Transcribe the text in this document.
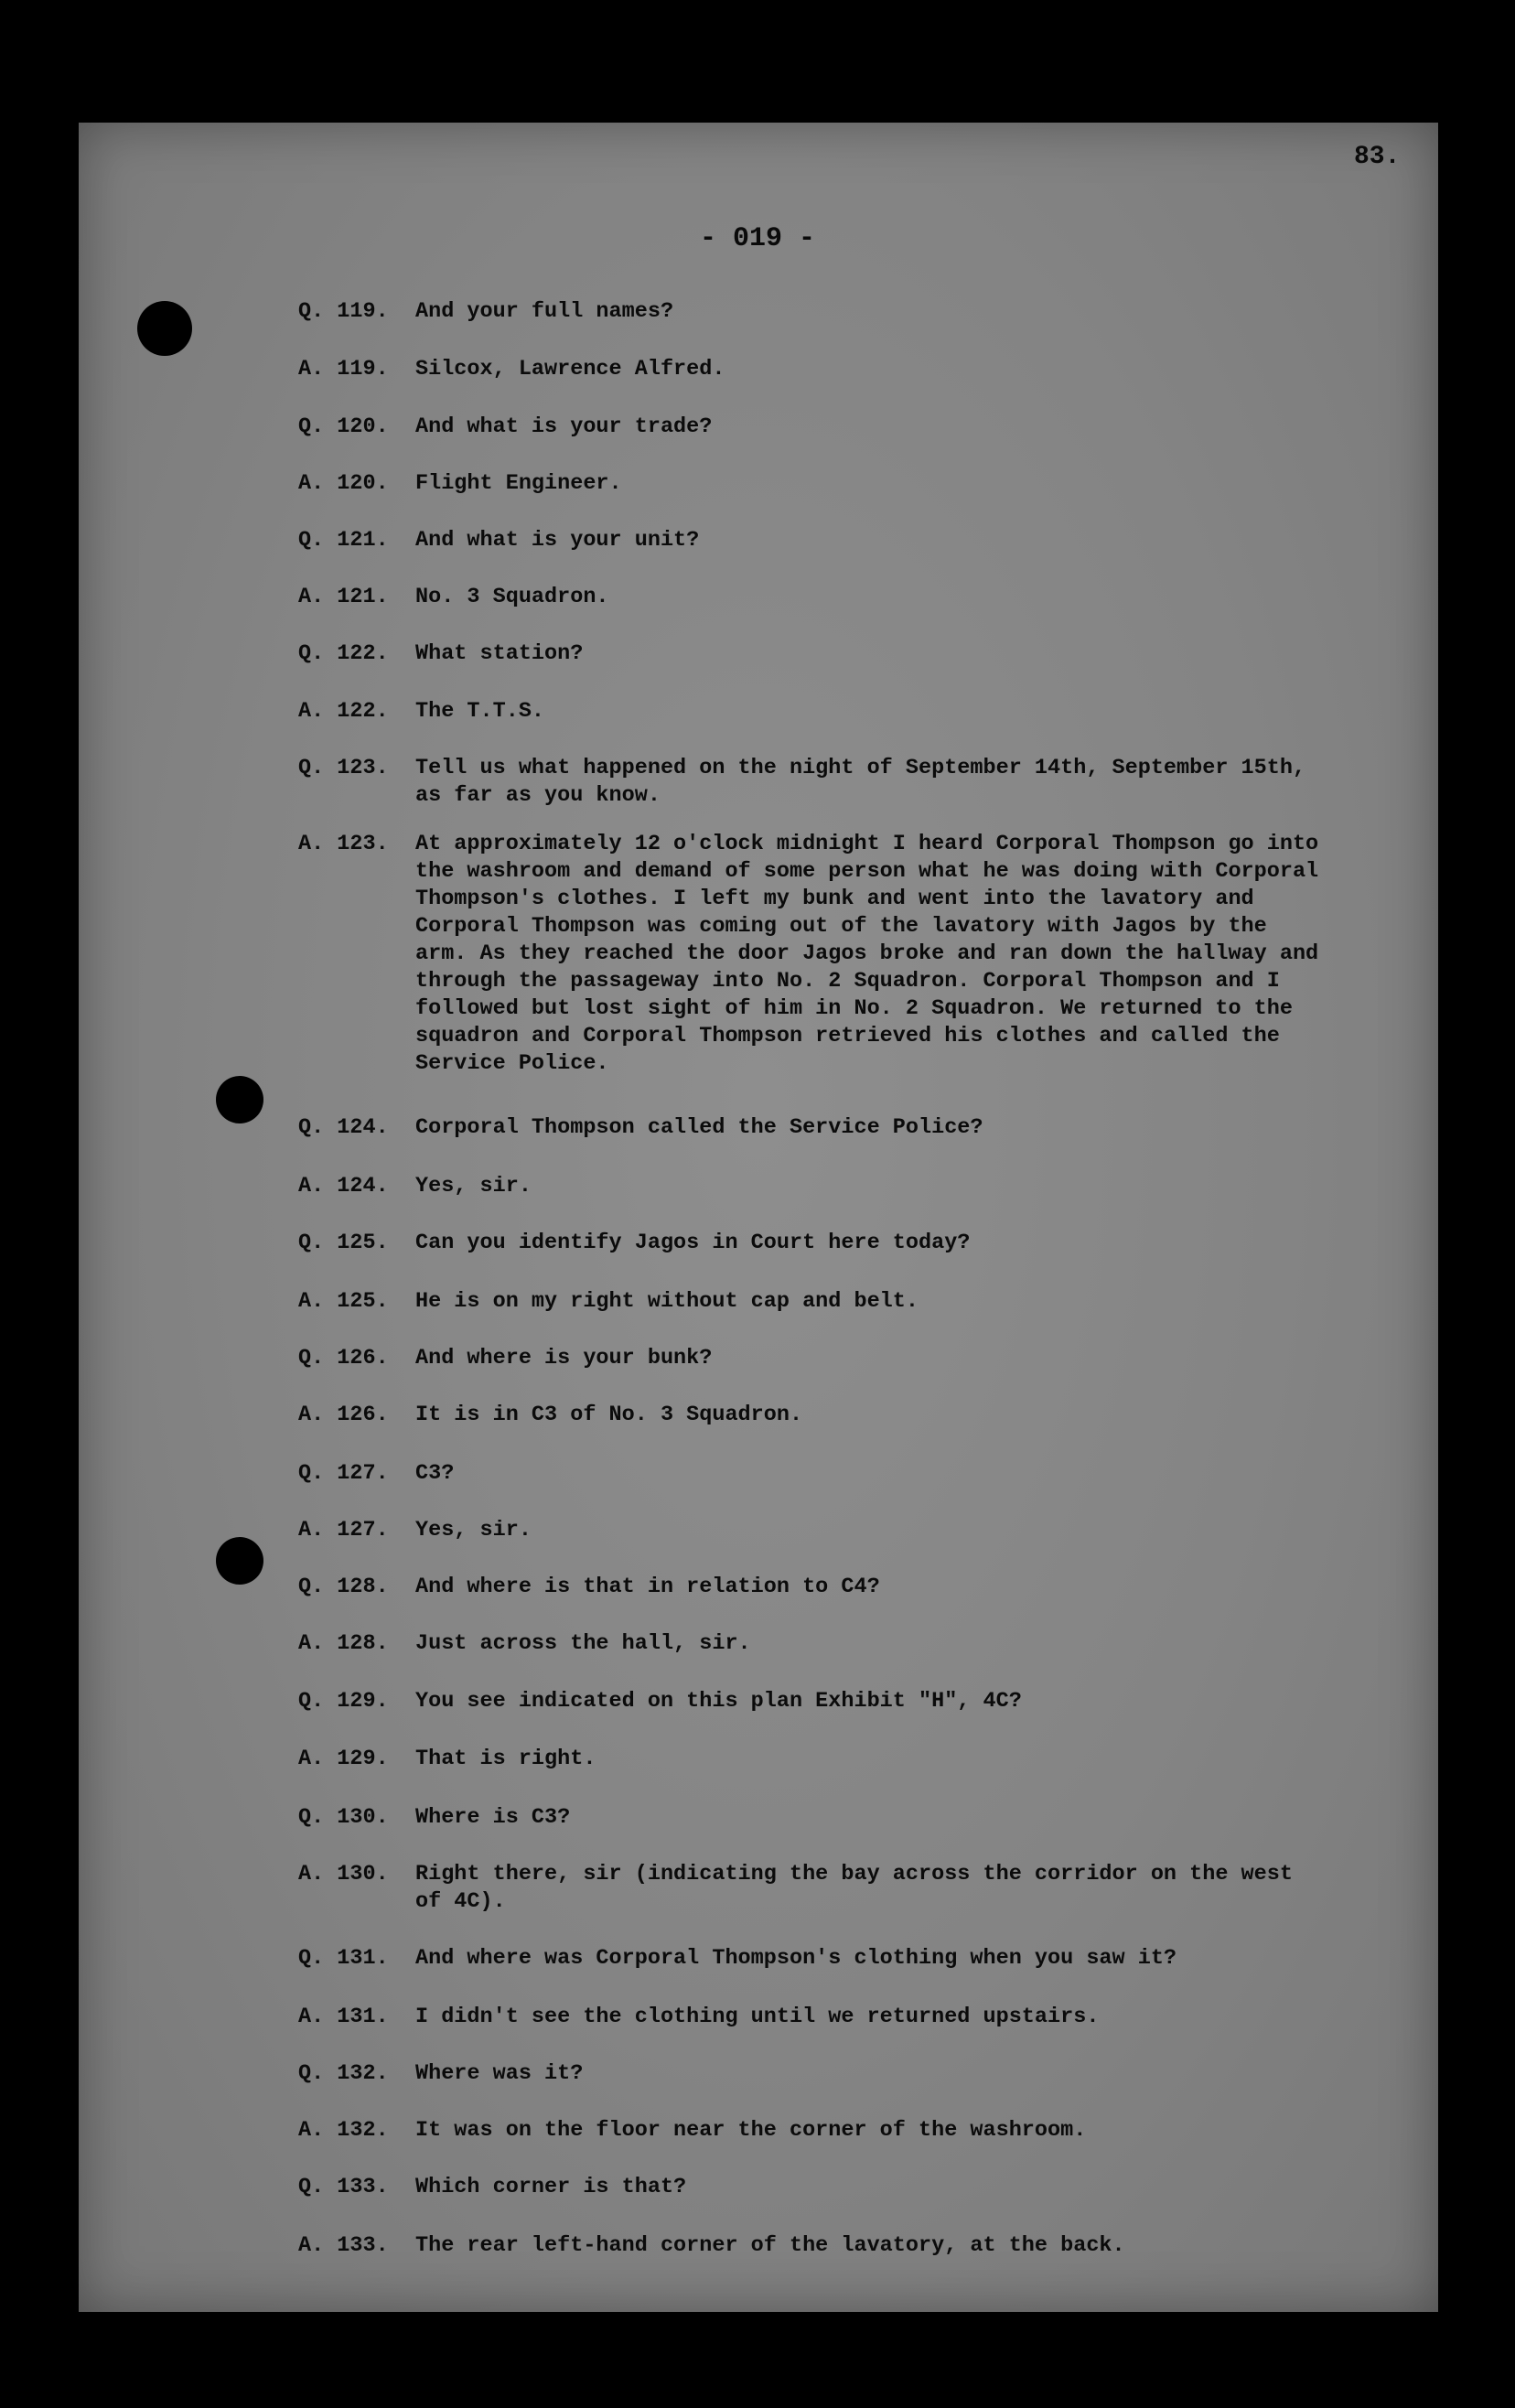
83.
- 019 -
Q. 119. And your full names?
A. 119. Silcox, Lawrence Alfred.
Q. 120. And what is your trade?
A. 120. Flight Engineer.
Q. 121. And what is your unit?
A. 121. No. 3 Squadron.
Q. 122. What station?
A. 122. The T.T.S.
Q. 123. Tell us what happened on the night of September 14th, September 15th,
as far as you know.
A. 123. At approximately 12 o'clock midnight I heard Corporal Thompson go into
the washroom and demand of some person what he was doing with Corporal
Thompson's clothes. I left my bunk and went into the lavatory and
Corporal Thompson was coming out of the lavatory with Jagos by the
arm. As they reached the door Jagos broke and ran down the hallway and
through the passageway into No. 2 Squadron. Corporal Thompson and I
followed but lost sight of him in No. 2 Squadron. We returned to the
squadron and Corporal Thompson retrieved his clothes and called the
Service Police.
Q. 124. Corporal Thompson called the Service Police?
A. 124. Yes, sir.
Q. 125. Can you identify Jagos in Court here today?
A. 125. He is on my right without cap and belt.
Q. 126. And where is your bunk?
A. 126. It is in C3 of No. 3 Squadron.
Q. 127. C3?
A. 127. Yes, sir.
Q. 128. And where is that in relation to C4?
A. 128. Just across the hall, sir.
Q. 129. You see indicated on this plan Exhibit "H", 4C?
A. 129. That is right.
Q. 130. Where is C3?
A. 130. Right there, sir (indicating the bay across the corridor on the west
of 4C).
Q. 131. And where was Corporal Thompson's clothing when you saw it?
A. 131. I didn't see the clothing until we returned upstairs.
Q. 132. Where was it?
A. 132. It was on the floor near the corner of the washroom.
Q. 133. Which corner is that?
A. 133. The rear left-hand corner of the lavatory, at the back.
